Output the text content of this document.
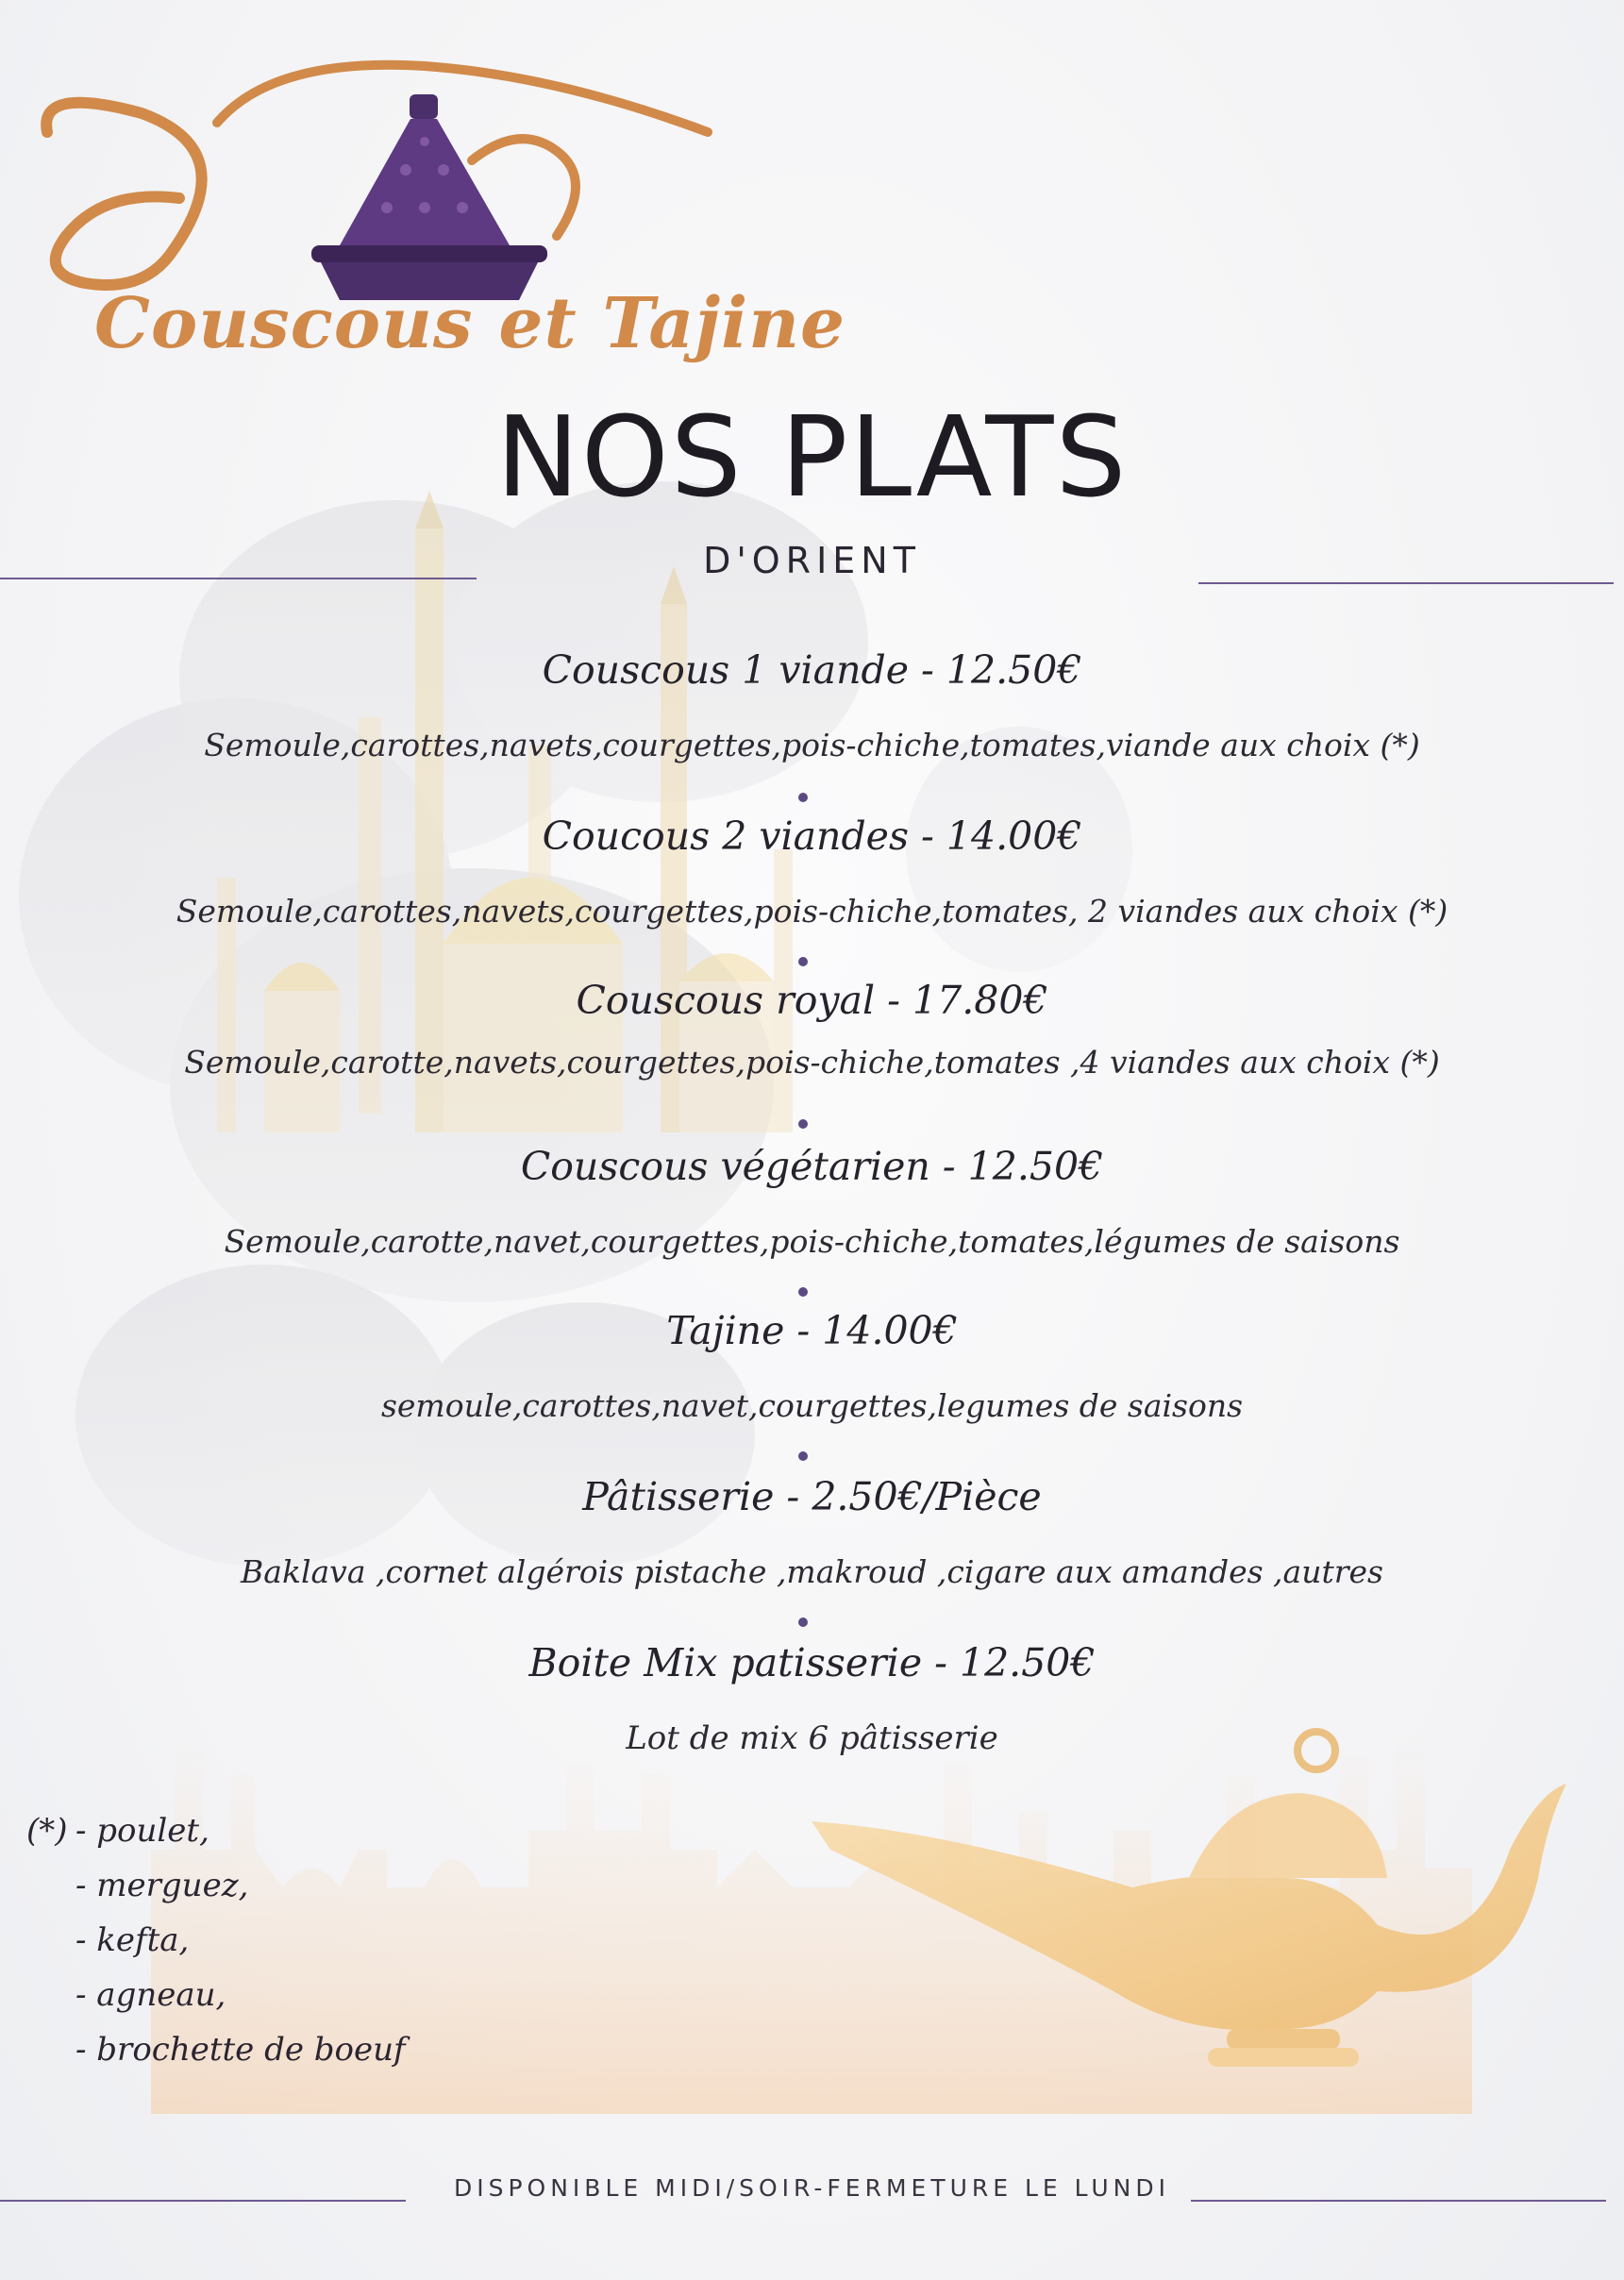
Couscous et Tajine
NOS PLATS
D'ORIENT
Couscous 1 viande - 12.50€
Semoule,carottes,navets,courgettes,pois-chiche,tomates,viande aux choix (*)
Coucous 2 viandes - 14.00€
Semoule,carottes,navets,courgettes,pois-chiche,tomates, 2 viandes aux choix (*)
Couscous royal - 17.80€
Semoule,carotte,navets,courgettes,pois-chiche,tomates ,4 viandes aux choix (*)
Couscous végétarien - 12.50€
Semoule,carotte,navet,courgettes,pois-chiche,tomates,légumes de saisons
Tajine - 14.00€
semoule,carottes,navet,courgettes,legumes de saisons
Pâtisserie - 2.50€/Pièce
Baklava ,cornet algérois pistache ,makroud ,cigare aux amandes ,autres
Boite Mix patisserie - 12.50€
Lot de mix 6 pâtisserie
(*) - poulet,
- merguez,
- kefta,
- agneau,
- brochette de boeuf
DISPONIBLE MIDI/SOIR-FERMETURE LE LUNDI
